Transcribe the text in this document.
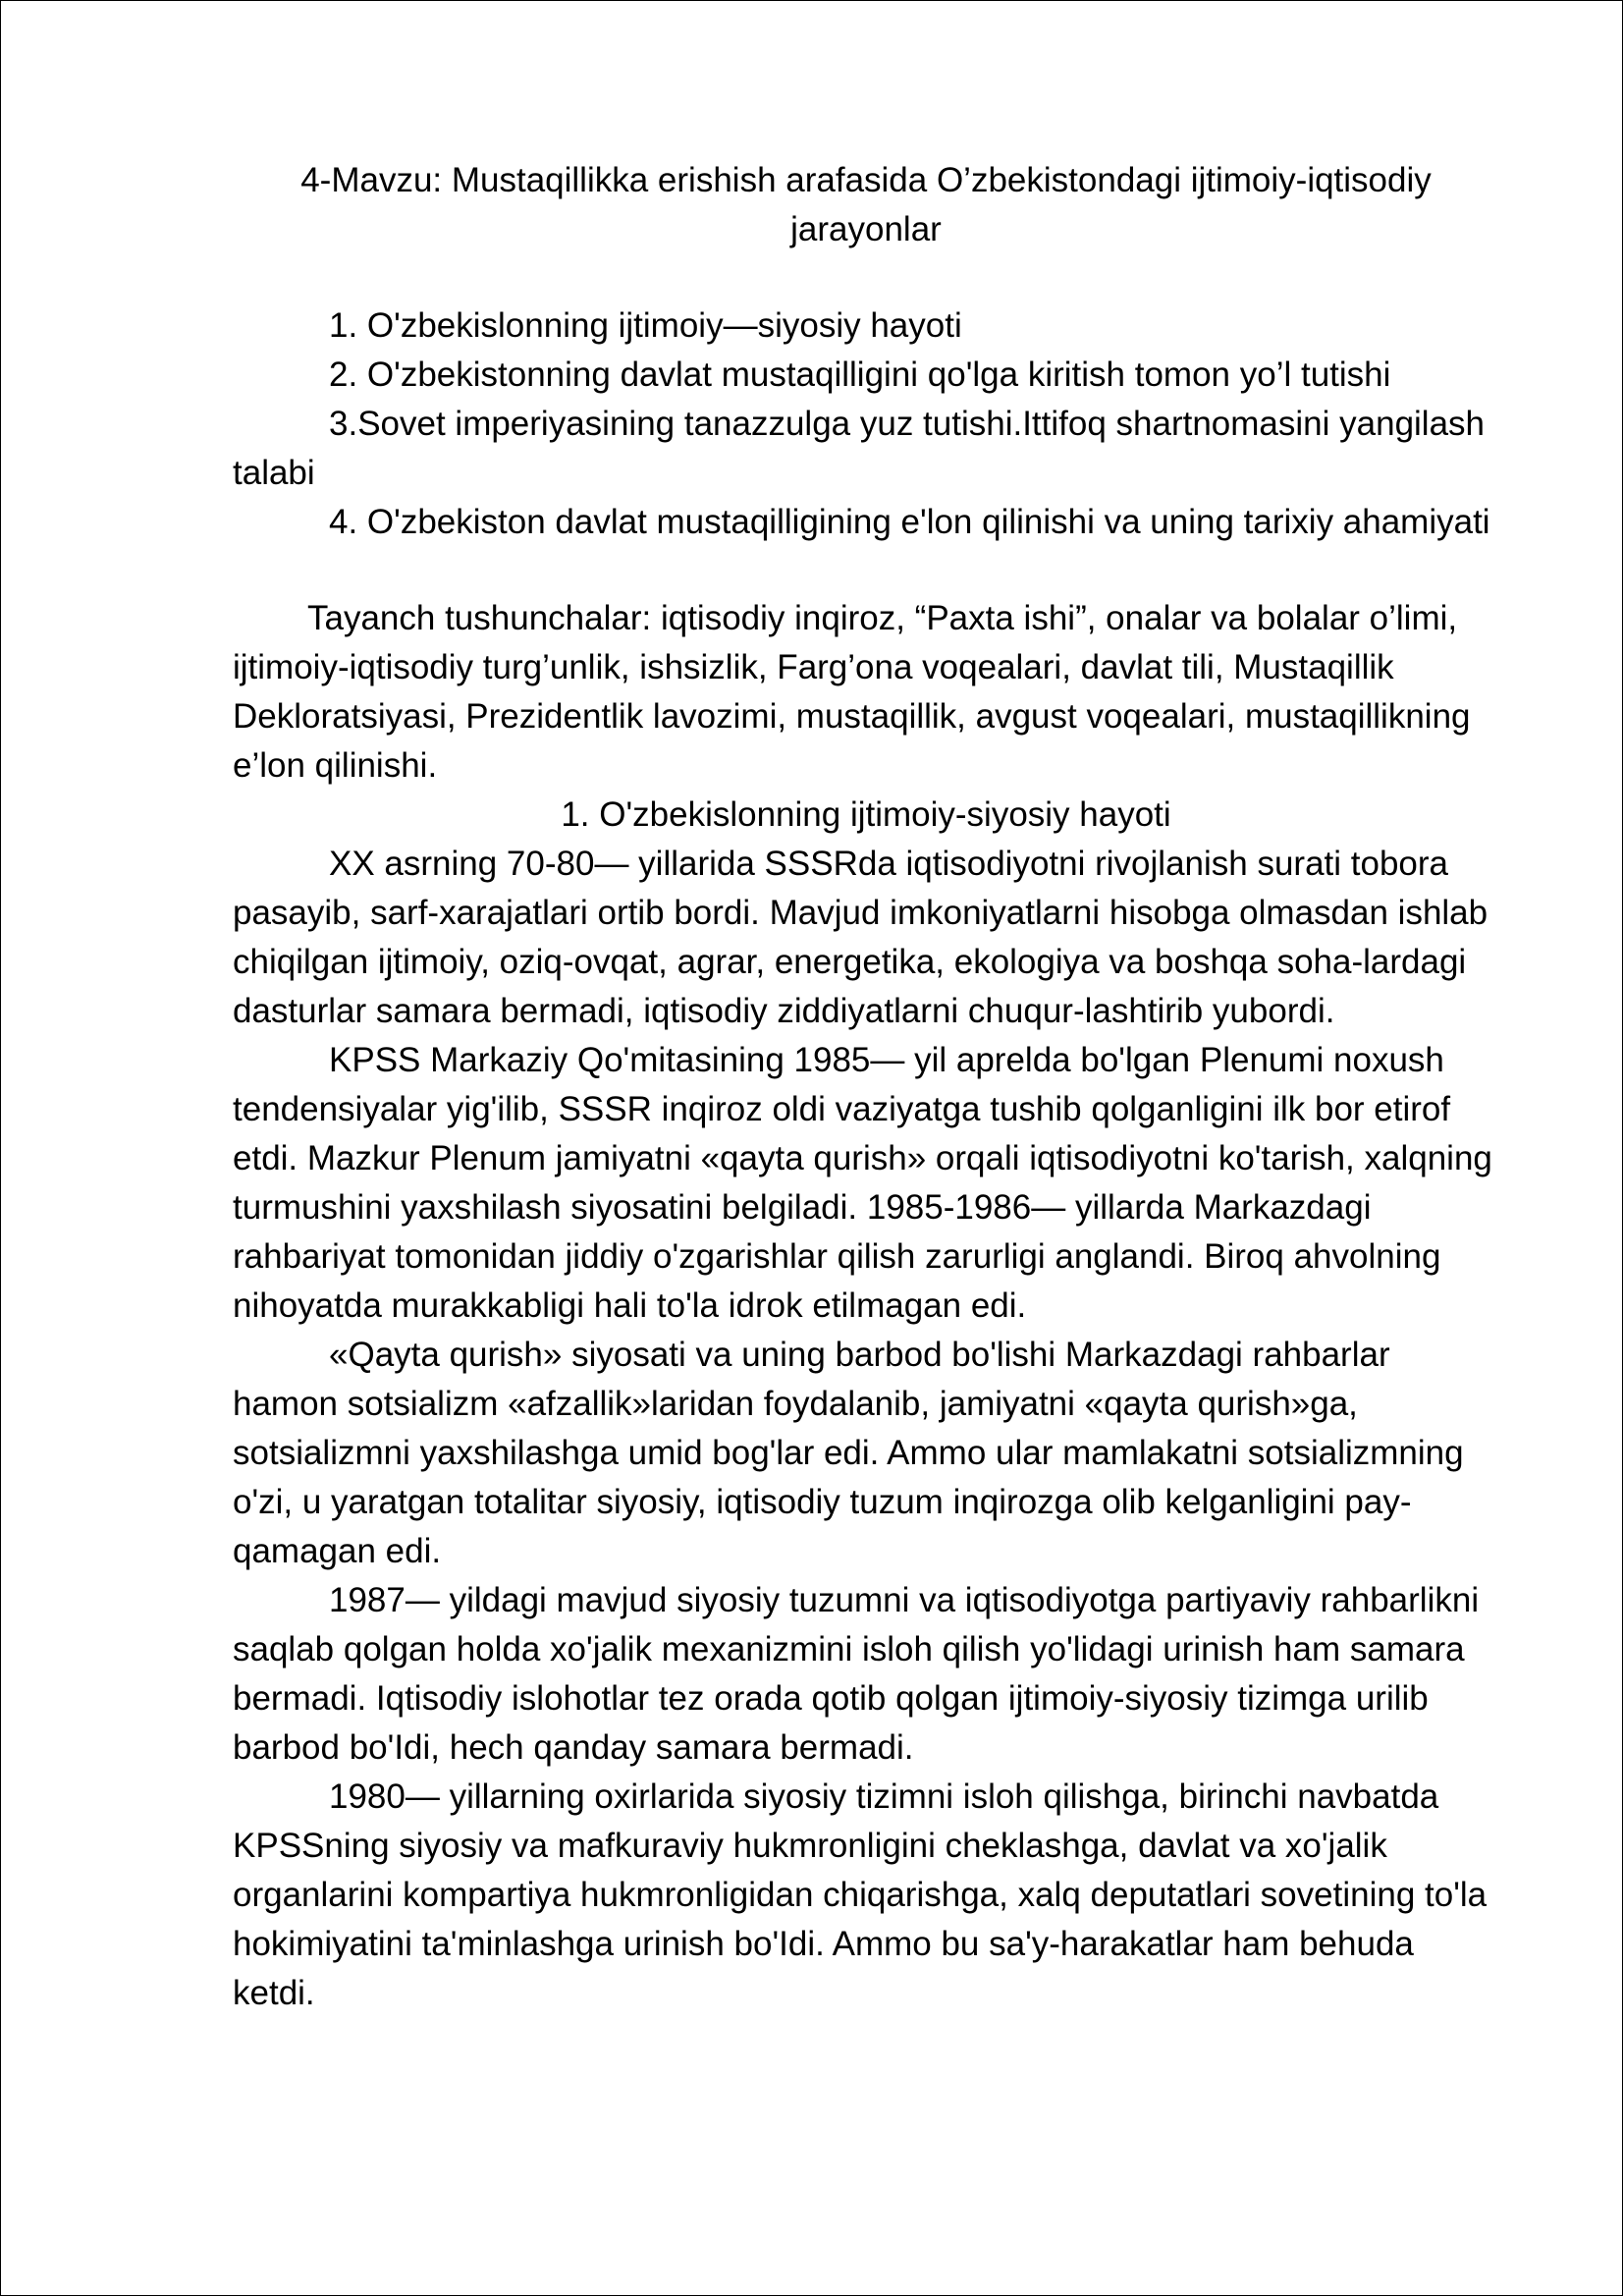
4-Mavzu: Mustaqillikka erishish arafasida O’zbekistondagi ijtimoiy-iqtisodiy
jarayonlar

1. O'zbekislonning ijtimoiy—siyosiy hayoti

2. O'zbekistonning davlat mustaqilligini qo'lga kiritish tomon yo’l tutishi

3.Sovet imperiyasining tanazzulga yuz tutishi.Ittifoq shartnomasini yangilash talabi

4. O'zbekiston davlat mustaqilligining e'lon qilinishi va uning tarixiy ahamiyati

Tayanch tushunchalar: iqtisodiy inqiroz, “Paxta ishi”, onalar va bolalar o’limi, ijtimoiy-iqtisodiy turg’unlik, ishsizlik, Farg’ona voqealari, davlat tili, Mustaqillik Dekloratsiyasi, Prezidentlik lavozimi, mustaqillik, avgust voqealari, mustaqillikning e’lon qilinishi.

1. O'zbekislonning ijtimoiy-siyosiy hayoti

XX asrning 70-80— yillarida SSSRda iqtisodiyotni rivojlanish surati tobora pasayib, sarf-xarajatlari ortib bordi. Mavjud imkoniyatlarni hisobga olmasdan ishlab chiqilgan ijtimoiy, oziq-ovqat, agrar, energetika, ekologiya va boshqa soha-lardagi dasturlar samara bermadi, iqtisodiy ziddiyatlarni chuqur-lashtirib yubordi.

KPSS Markaziy Qo'mitasining 1985— yil aprelda bo'lgan Plenumi noxush tendensiyalar yig'ilib, SSSR inqiroz oldi vaziyatga tushib qolganligini ilk bor etirof etdi. Mazkur Plenum jamiyatni «qayta qurish» orqali iqtisodiyotni ko'tarish, xalqning turmushini yaxshilash siyosatini belgiladi. 1985-1986— yillarda Markazdagi rahbariyat tomonidan jiddiy o'zgarishlar qilish zarurligi anglandi. Biroq ahvolning nihoyatda murakkabligi hali to'la idrok etilmagan edi.

«Qayta qurish» siyosati va uning barbod bo'lishi Markazdagi rahbarlar hamon sotsializm «afzallik»laridan foydalanib, jamiyatni «qayta qurish»ga, sotsializmni yaxshilashga umid bog'lar edi. Ammo ular mamlakatni sotsializmning o'zi, u yaratgan totalitar siyosiy, iqtisodiy tuzum inqirozga olib kelganligini pay-qamagan edi.

1987— yildagi mavjud siyosiy tuzumni va iqtisodiyotga partiyaviy rahbarlikni saqlab qolgan holda xo'jalik mexanizmini isloh qilish yo'lidagi urinish ham samara bermadi. Iqtisodiy islohotlar tez orada qotib qolgan ijtimoiy-siyosiy tizimga urilib barbod bo'Idi, hech qanday samara bermadi.

1980— yillarning oxirlarida siyosiy tizimni isloh qilishga, birinchi navbatda KPSSning siyosiy va mafkuraviy hukmronligini cheklashga, davlat va xo'jalik organlarini kompartiya hukmronligidan chiqarishga, xalq deputatlari sovetining to'la hokimiyatini ta'minlashga urinish bo'Idi. Ammo bu sa'y-harakatlar ham behuda ketdi.
